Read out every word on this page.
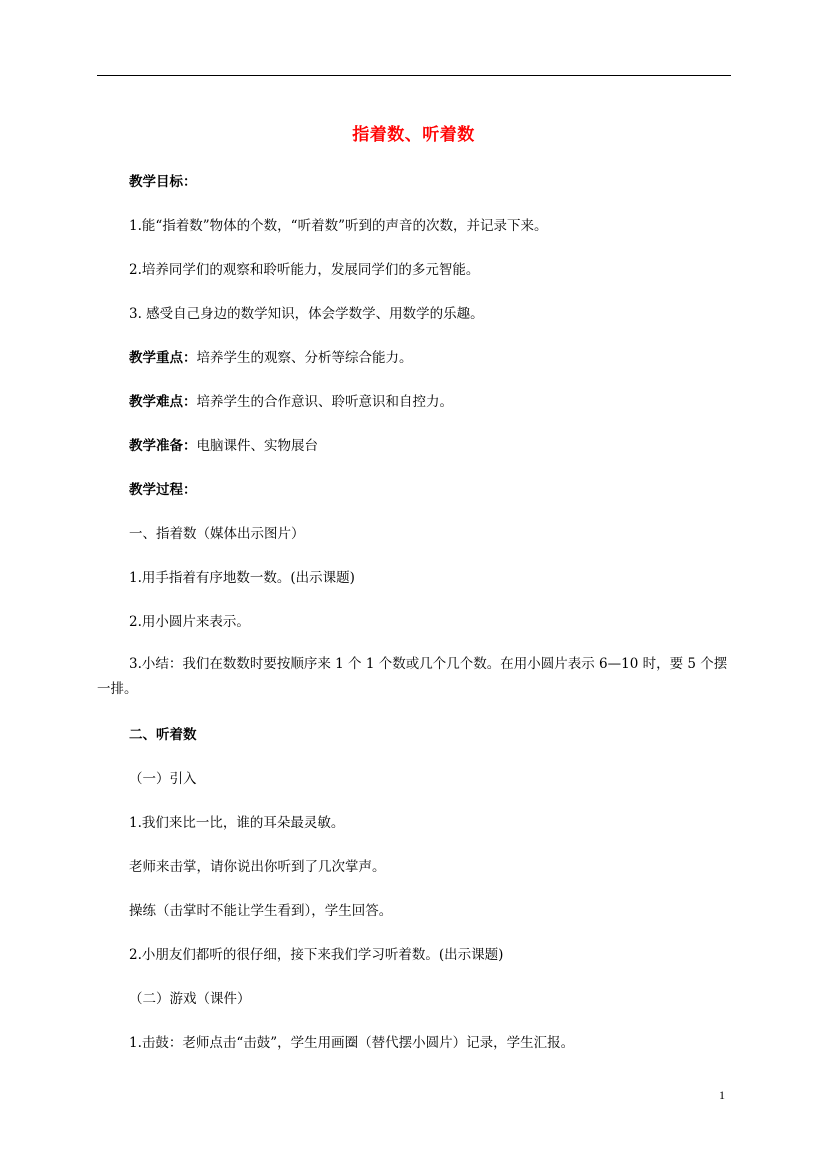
指着数、听着数

教学目标：

1.能“指着数”物体的个数，“听着数”听到的声音的次数，并记录下来。

2.培养同学们的观察和聆听能力，发展同学们的多元智能。

3. 感受自己身边的数学知识，体会学数学、用数学的乐趣。

教学重点：培养学生的观察、分析等综合能力。

教学难点：培养学生的合作意识、聆听意识和自控力。

教学准备：电脑课件、实物展台

教学过程：

一、指着数（媒体出示图片）

1.用手指着有序地数一数。(出示课题)

2.用小圆片来表示。

3.小结：我们在数数时要按顺序来 1 个 1 个数或几个几个数。在用小圆片表示 6—10 时，要 5 个摆一排。

二、听着数

（一）引入

1.我们来比一比，谁的耳朵最灵敏。

老师来击掌，请你说出你听到了几次掌声。

操练（击掌时不能让学生看到），学生回答。

2.小朋友们都听的很仔细，接下来我们学习听着数。(出示课题)

（二）游戏（课件）

1.击鼓：老师点击“击鼓”，学生用画圈（替代摆小圆片）记录，学生汇报。

1
